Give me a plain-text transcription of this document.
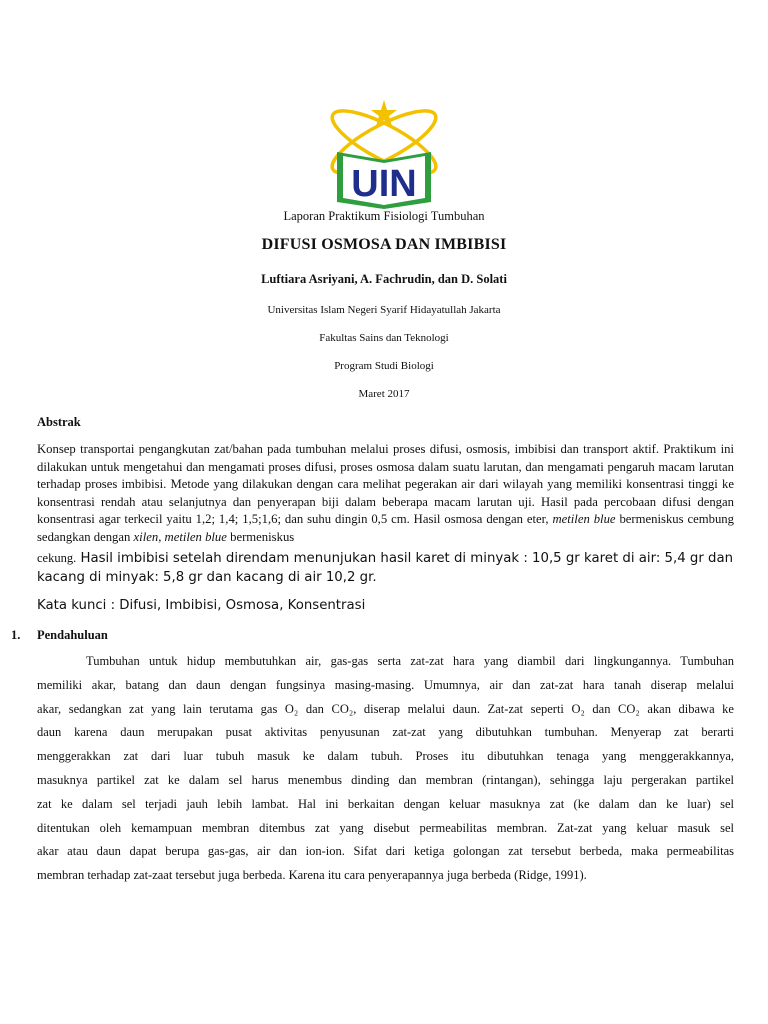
UIN
Laporan Praktikum Fisiologi Tumbuhan
DIFUSI OSMOSA DAN IMBIBISI
Luftiara Asriyani, A. Fachrudin, dan D. Solati
Universitas Islam Negeri Syarif Hidayatullah Jakarta
Fakultas Sains dan Teknologi
Program Studi Biologi
Maret 2017
Abstrak
Konsep transportai pengangkutan zat/bahan pada tumbuhan melalui proses difusi, osmosis, imbibisi dan transport aktif. Praktikum ini dilakukan untuk mengetahui dan mengamati proses difusi, proses osmosa dalam suatu larutan, dan mengamati pengaruh macam larutan terhadap proses imbibisi. Metode yang dilakukan dengan cara melihat pegerakan air dari wilayah yang memiliki konsentrasi tinggi ke konsentrasi rendah atau selanjutnya dan penyerapan biji dalam beberapa macam larutan uji. Hasil pada percobaan difusi dengan konsentrasi agar terkecil yaitu 1,2; 1,4; 1,5;1,6; dan suhu dingin 0,5 cm. Hasil osmosa dengan eter, metilen blue bermeniskus cembung sedangkan dengan xilen, metilen blue bermeniskus
cekung. Hasil imbibisi setelah direndam menunjukan hasil karet di minyak : 10,5 gr karet di air: 5,4 gr dan kacang di minyak: 5,8 gr dan kacang di air 10,2 gr.
Kata kunci : Difusi, Imbibisi, Osmosa, Konsentrasi
1. Pendahuluan
Tumbuhan untuk hidup membutuhkan air, gas-gas serta zat-zat hara yang diambil dari lingkungannya. Tumbuhan
memiliki akar, batang dan daun dengan fungsinya masing-masing. Umumnya, air dan zat-zat hara tanah diserap melalui
akar, sedangkan zat yang lain terutama gas O₂ dan CO₂, diserap melalui daun. Zat-zat seperti O₂ dan CO₂ akan dibawa ke
daun karena daun merupakan pusat aktivitas penyusunan zat-zat yang dibutuhkan tumbuhan. Menyerap zat berarti
menggerakkan zat dari luar tubuh masuk ke dalam tubuh. Proses itu dibutuhkan tenaga yang menggerakkannya,
masuknya partikel zat ke dalam sel harus menembus dinding dan membran (rintangan), sehingga laju pergerakan partikel
zat ke dalam sel terjadi jauh lebih lambat. Hal ini berkaitan dengan keluar masuknya zat (ke dalam dan ke luar) sel
ditentukan oleh kemampuan membran ditembus zat yang disebut permeabilitas membran. Zat-zat yang keluar masuk sel
akar atau daun dapat berupa gas-gas, air dan ion-ion. Sifat dari ketiga golongan zat tersebut berbeda, maka permeabilitas
membran terhadap zat-zaat tersebut juga berbeda. Karena itu cara penyerapannya juga berbeda (Ridge, 1991).
